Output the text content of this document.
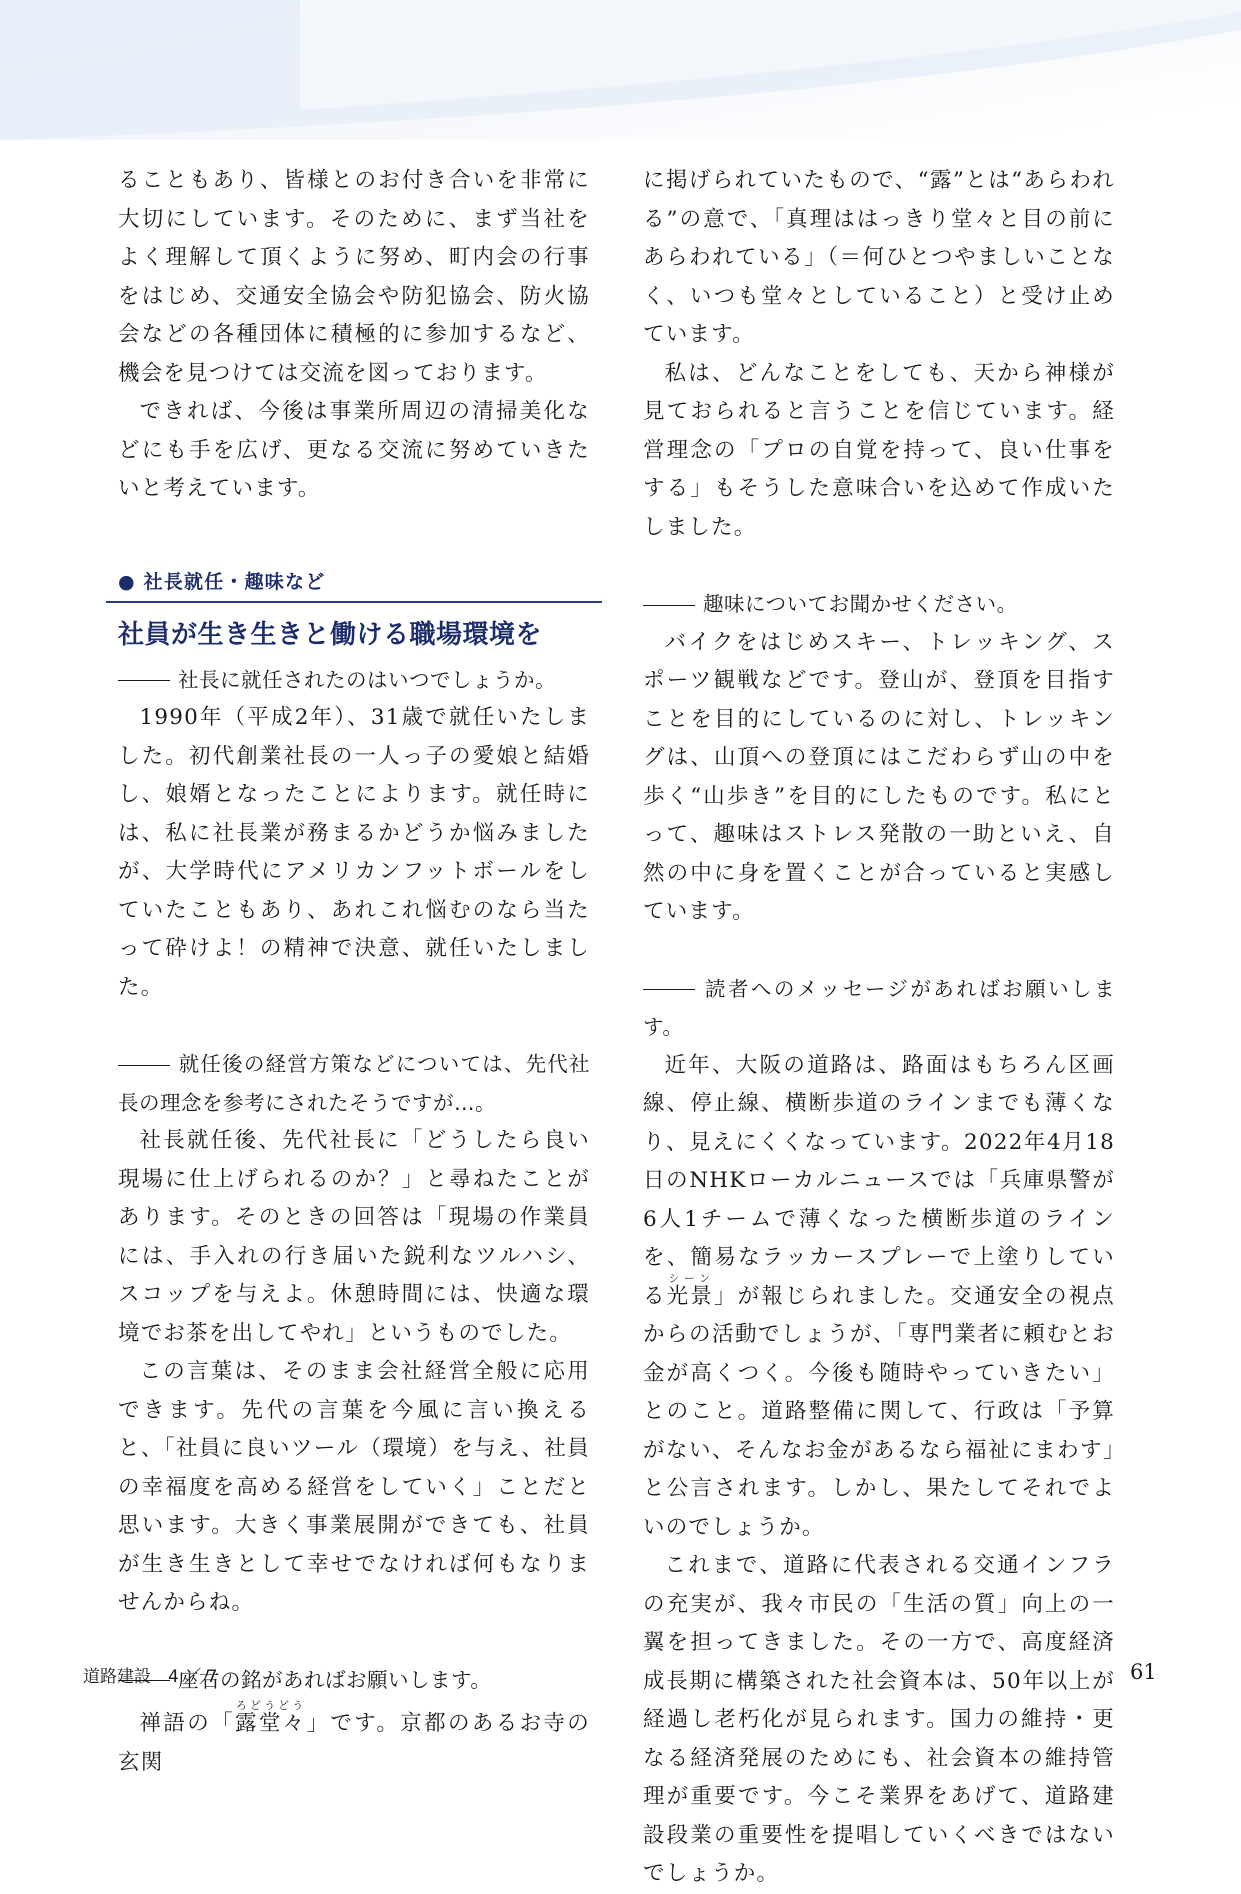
ることもあり、皆様とのお付き合いを非常に大切にしています。そのために、まず当社をよく理解して頂くように努め、町内会の行事をはじめ、交通安全協会や防犯協会、防火協会などの各種団体に積極的に参加するなど、機会を見つけては交流を図っております。

できれば、今後は事業所周辺の清掃美化などにも手を広げ、更なる交流に努めていきたいと考えています。

● 社長就任・趣味など

社員が生き生きと働ける職場環境を

社長に就任されたのはいつでしょうか。

1990年（平成2年）、31歳で就任いたしました。初代創業社長の一人っ子の愛娘と結婚し、娘婿となったことによります。就任時には、私に社長業が務まるかどうか悩みましたが、大学時代にアメリカンフットボールをしていたこともあり、あれこれ悩むのなら当たって砕けよ！の精神で決意、就任いたしました。

就任後の経営方策などについては、先代社長の理念を参考にされたそうですが…。

社長就任後、先代社長に「どうしたら良い現場に仕上げられるのか？」と尋ねたことがあります。そのときの回答は「現場の作業員には、手入れの行き届いた鋭利なツルハシ、スコップを与えよ。休憩時間には、快適な環境でお茶を出してやれ」というものでした。

この言葉は、そのまま会社経営全般に応用できます。先代の言葉を今風に言い換えると、「社員に良いツール（環境）を与え、社員の幸福度を高める経営をしていく」ことだと思います。大きく事業展開ができても、社員が生き生きとして幸せでなければ何もなりませんからね。

座右の銘があればお願いします。

禅語の「露堂々ろどうどう」です。京都のあるお寺の玄関

に掲げられていたもので、“露”とは“あらわれる”の意で、「真理ははっきり堂々と目の前にあらわれている」（＝何ひとつやましいことなく、いつも堂々としていること）と受け止めています。

私は、どんなことをしても、天から神様が見ておられると言うことを信じています。経営理念の「プロの自覚を持って、良い仕事をする」もそうした意味合いを込めて作成いたしました。

趣味についてお聞かせください。

バイクをはじめスキー、トレッキング、スポーツ観戦などです。登山が、登頂を目指すことを目的にしているのに対し、トレッキングは、山頂への登頂にはこだわらず山の中を歩く“山歩き”を目的にしたものです。私にとって、趣味はストレス発散の一助といえ、自然の中に身を置くことが合っていると実感しています。

読者へのメッセージがあればお願いします。

近年、大阪の道路は、路面はもちろん区画線、停止線、横断歩道のラインまでも薄くなり、見えにくくなっています。2022年4月18日のNHKローカルニュースでは「兵庫県警が6人1チームで薄くなった横断歩道のラインを、簡易なラッカースプレーで上塗りしている光景シーン」が報じられました。交通安全の視点からの活動でしょうが、「専門業者に頼むとお金が高くつく。今後も随時やっていきたい」とのこと。道路整備に関して、行政は「予算がない、そんなお金があるなら福祉にまわす」と公言されます。しかし、果たしてそれでよいのでしょうか。

これまで、道路に代表される交通インフラの充実が、我々市民の「生活の質」向上の一翼を担ってきました。その一方で、高度経済成長期に構築された社会資本は、50年以上が経過し老朽化が見られます。国力の維持・更なる経済発展のためにも、社会資本の維持管理が重要です。今こそ業界をあげて、道路建設段業の重要性を提唱していくべきではないでしょうか。

道路建設　4 ／ 7	61
